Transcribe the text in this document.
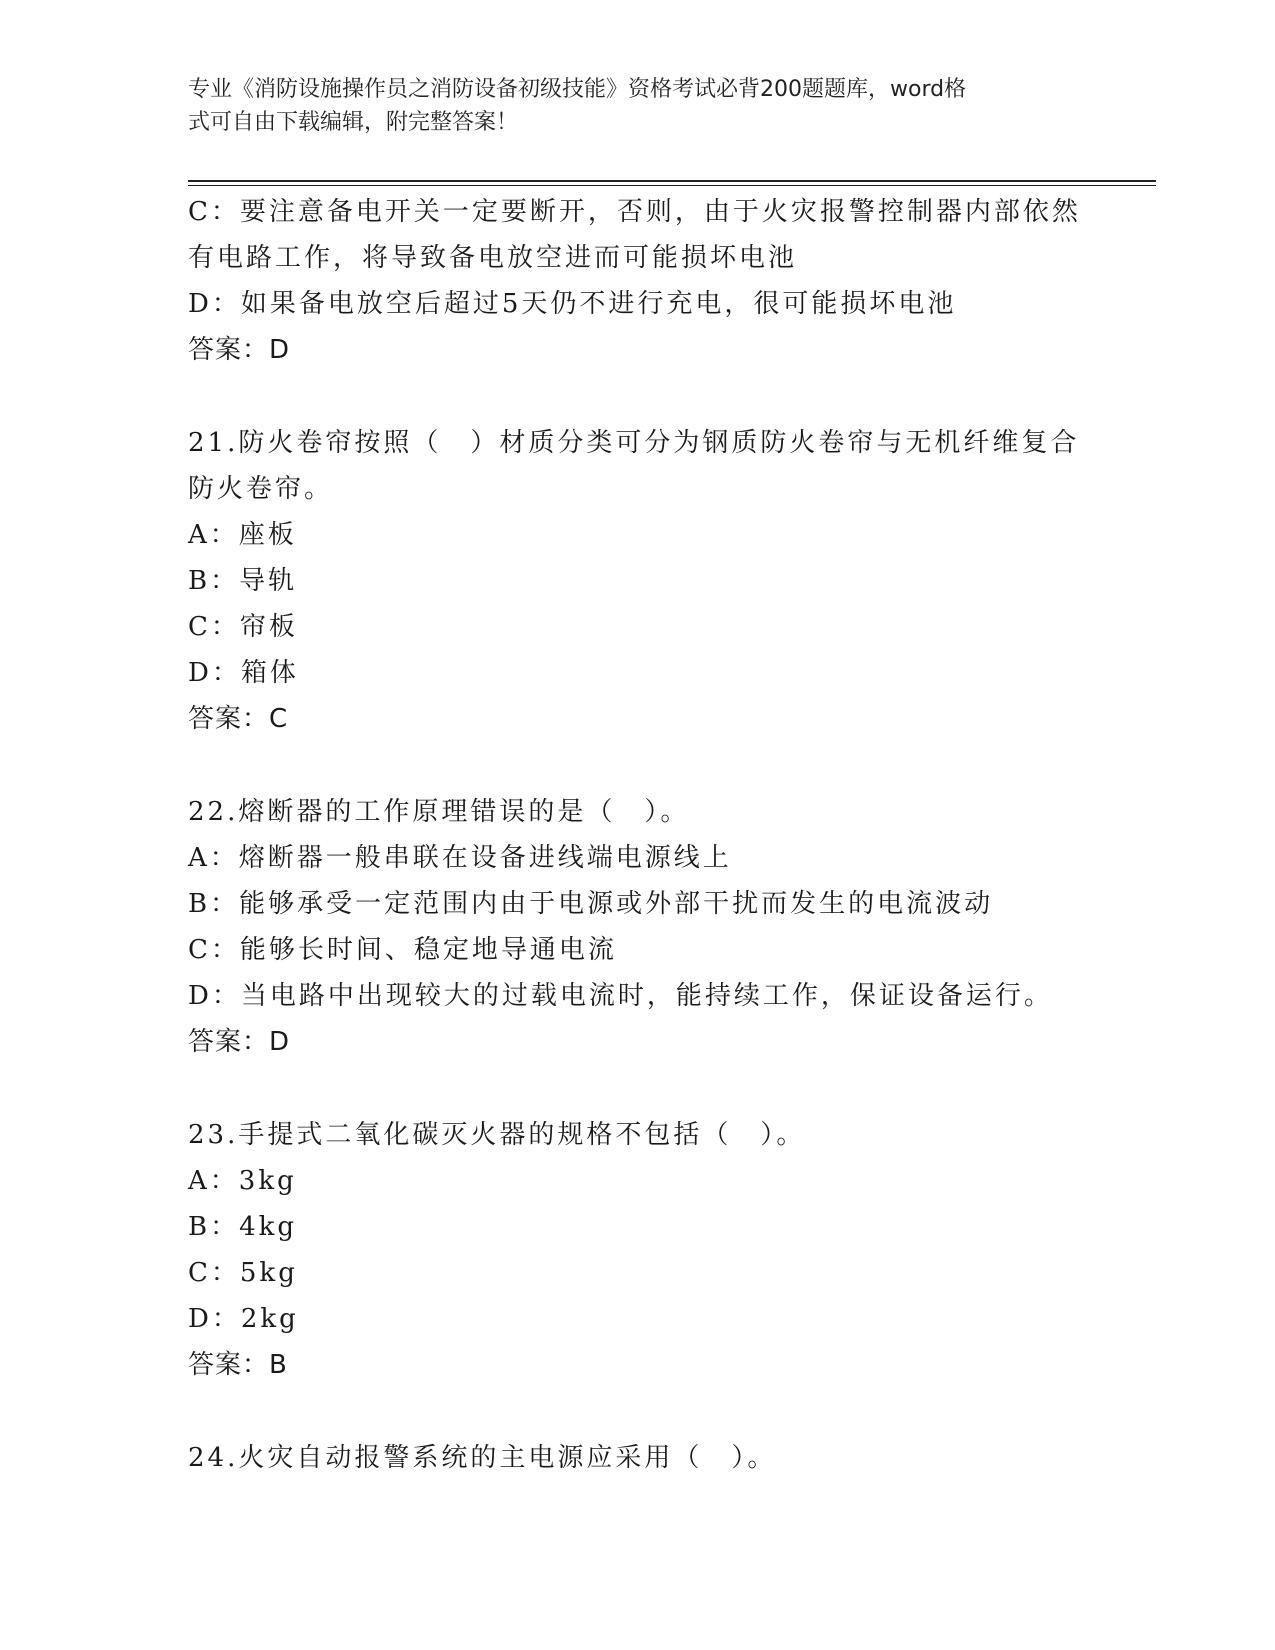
专业《消防设施操作员之消防设备初级技能》资格考试必背200题题库，word格
式可自由下载编辑，附完整答案！
C：要注意备电开关一定要断开，否则，由于火灾报警控制器内部依然
有电路工作，将导致备电放空进而可能损坏电池
D：如果备电放空后超过5天仍不进行充电，很可能损坏电池
答案：D
21.防火卷帘按照（　）材质分类可分为钢质防火卷帘与无机纤维复合
防火卷帘。
A：座板
B：导轨
C：帘板
D：箱体
答案：C
22.熔断器的工作原理错误的是（　）。
A：熔断器一般串联在设备进线端电源线上
B：能够承受一定范围内由于电源或外部干扰而发生的电流波动
C：能够长时间、稳定地导通电流
D：当电路中出现较大的过载电流时，能持续工作，保证设备运行。
答案：D
23.手提式二氧化碳灭火器的规格不包括（　）。
A：3kg
B：4kg
C：5kg
D：2kg
答案：B
24.火灾自动报警系统的主电源应采用（　）。
